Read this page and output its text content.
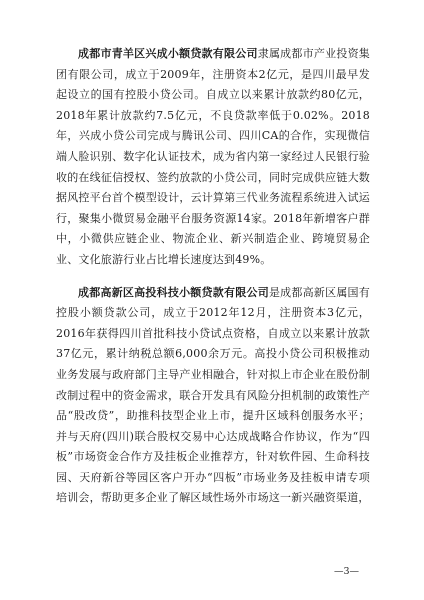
成都市青羊区兴成小额贷款有限公司隶属成都市产业投资集团有限公司，成立于2009年，注册资本2亿元，是四川最早发起设立的国有控股小贷公司。自成立以来累计放款约80亿元，2018年累计放款约7.5亿元，不良贷款率低于0.02%。2018年，兴成小贷公司完成与腾讯公司、四川CA的合作，实现微信端人脸识别、数字化认证技术，成为省内第一家经过人民银行验收的在线征信授权、签约放款的小贷公司，同时完成供应链大数据风控平台首个模型设计，云计算第三代业务流程系统进入试运行，聚集小微贸易金融平台服务资源14家。2018年新增客户群中，小微供应链企业、物流企业、新兴制造企业、跨境贸易企业、文化旅游行业占比增长速度达到49%。

成都高新区高投科技小额贷款有限公司是成都高新区属国有控股小额贷款公司，成立于2012年12月，注册资本3亿元，2016年获得四川首批科技小贷试点资格，自成立以来累计放款37亿元，累计纳税总额6,000余万元。高投小贷公司积极推动业务发展与政府部门主导产业相融合，针对拟上市企业在股份制改制过程中的资金需求，联合开发具有风险分担机制的政策性产品“股改贷”，助推科技型企业上市，提升区域科创服务水平；并与天府(四川)联合股权交易中心达成战略合作协议，作为“四板”市场资金合作方及挂板企业推荐方，针对软件园、生命科技园、天府新谷等园区客户开办“四板”市场业务及挂板申请专项培训会，帮助更多企业了解区域性场外市场这一新兴融资渠道，

—3—
